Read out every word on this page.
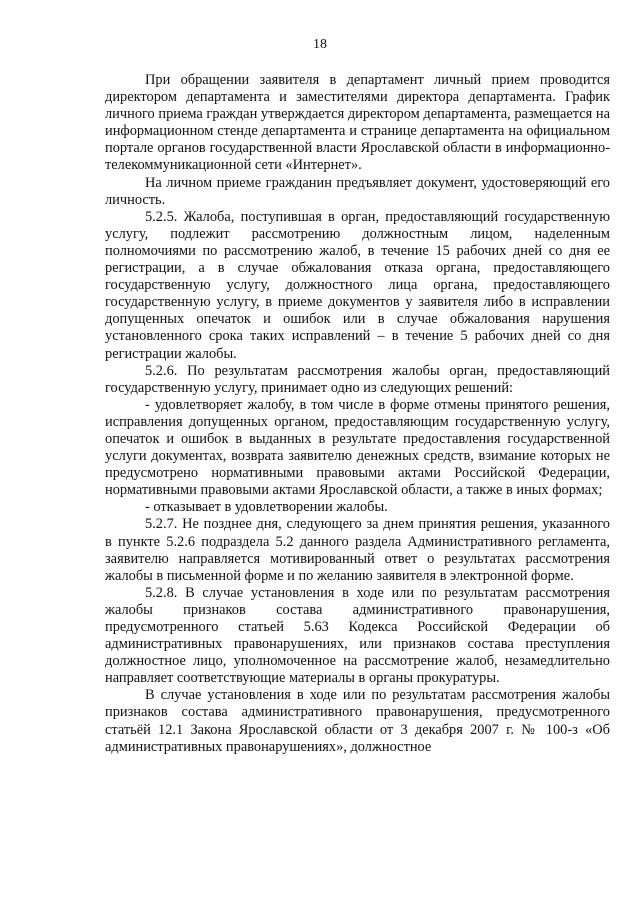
18

При обращении заявителя в департамент личный прием проводится директором департамента и заместителями директора департамента. График личного приема граждан утверждается директором департамента, размещается на информационном стенде департамента и странице департамента на официальном портале органов государственной власти Ярославской области в информационно-телекоммуникационной сети «Интернет».

На личном приеме гражданин предъявляет документ, удостоверяющий его личность.

5.2.5. Жалоба, поступившая в орган, предоставляющий государственную услугу, подлежит рассмотрению должностным лицом, наделенным полномочиями по рассмотрению жалоб, в течение 15 рабочих дней со дня ее регистрации, а в случае обжалования отказа органа, предоставляющего государственную услугу, должностного лица органа, предоставляющего государственную услугу, в приеме документов у заявителя либо в исправлении допущенных опечаток и ошибок или в случае обжалования нарушения установленного срока таких исправлений – в течение 5 рабочих дней со дня регистрации жалобы.

5.2.6. По результатам рассмотрения жалобы орган, предоставляющий государственную услугу, принимает одно из следующих решений:

- удовлетворяет жалобу, в том числе в форме отмены принятого решения, исправления допущенных органом, предоставляющим государственную услугу, опечаток и ошибок в выданных в результате предоставления государственной услуги документах, возврата заявителю денежных средств, взимание которых не предусмотрено нормативными правовыми актами Российской Федерации, нормативными правовыми актами Ярославской области, а также в иных формах;

- отказывает в удовлетворении жалобы.

5.2.7. Не позднее дня, следующего за днем принятия решения, указанного в пункте 5.2.6 подраздела 5.2 данного раздела Административного регламента, заявителю направляется мотивированный ответ о результатах рассмотрения жалобы в письменной форме и по желанию заявителя в электронной форме.

5.2.8. В случае установления в ходе или по результатам рассмотрения жалобы признаков состава административного правонарушения, предусмотренного статьей 5.63 Кодекса Российской Федерации об административных правонарушениях, или признаков состава преступления должностное лицо, уполномоченное на рассмотрение жалоб, незамедлительно направляет соответствующие материалы в органы прокуратуры.

В случае установления в ходе или по результатам рассмотрения жалобы признаков состава административного правонарушения, предусмотренного статьёй 12.1 Закона Ярославской области от 3 декабря 2007 г. № 100-з «Об административных правонарушениях», должностное
